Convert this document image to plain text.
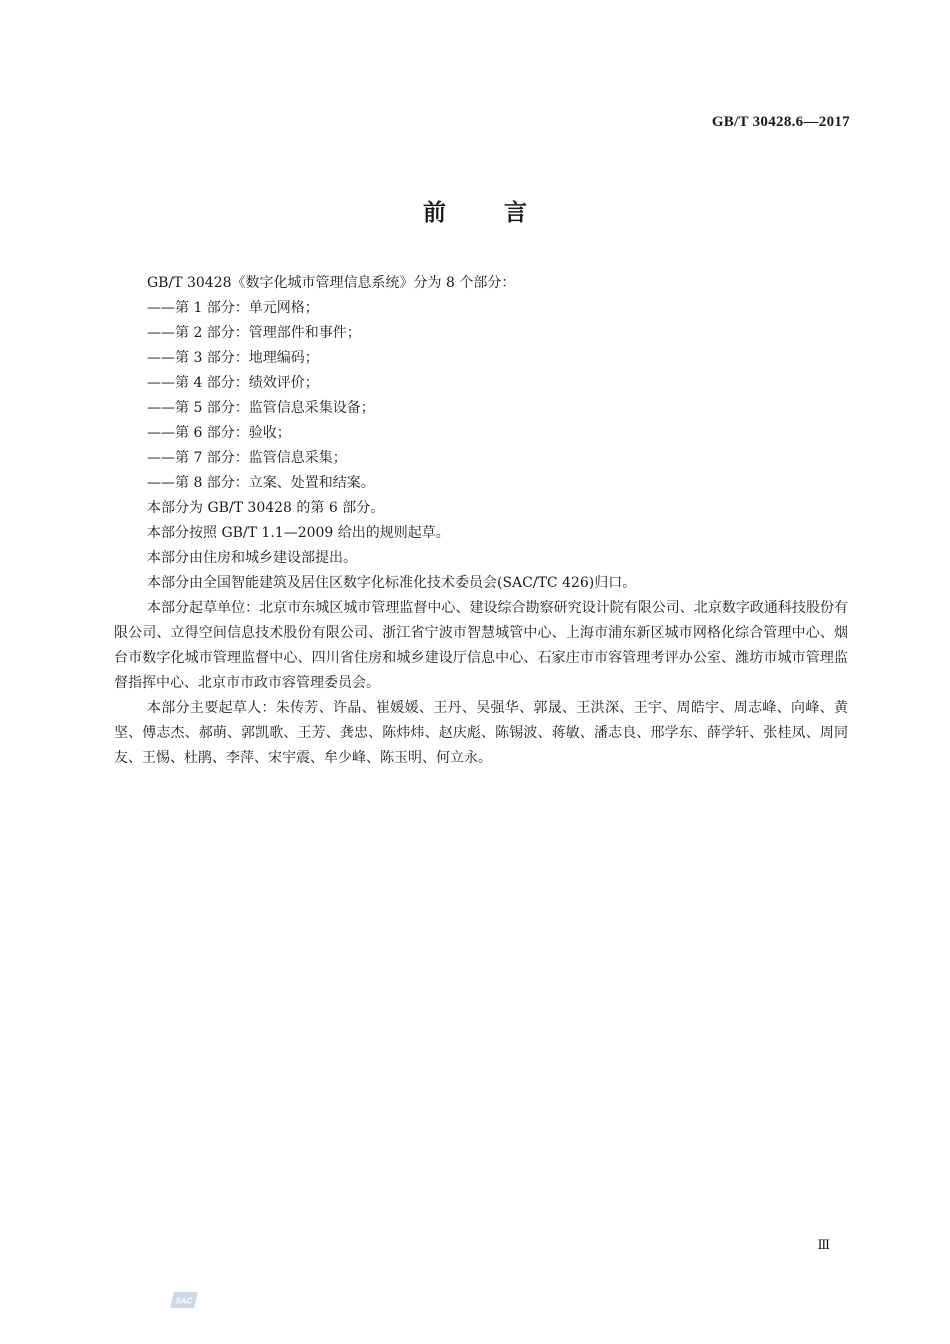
GB/T 30428.6—2017
前言

GB/T 30428《数字化城市管理信息系统》分为 8 个部分：

——第 1 部分：单元网格；

——第 2 部分：管理部件和事件；

——第 3 部分：地理编码；

——第 4 部分：绩效评价；

——第 5 部分：监管信息采集设备；

——第 6 部分：验收；

——第 7 部分：监管信息采集；

——第 8 部分：立案、处置和结案。

本部分为 GB/T 30428 的第 6 部分。

本部分按照 GB/T 1.1—2009 给出的规则起草。

本部分由住房和城乡建设部提出。

本部分由全国智能建筑及居住区数字化标准化技术委员会(SAC/TC 426)归口。

本部分起草单位：北京市东城区城市管理监督中心、建设综合勘察研究设计院有限公司、北京数字政通科技股份有限公司、立得空间信息技术股份有限公司、浙江省宁波市智慧城管中心、上海市浦东新区城市网格化综合管理中心、烟台市数字化城市管理监督中心、四川省住房和城乡建设厅信息中心、石家庄市市容管理考评办公室、潍坊市城市管理监督指挥中心、北京市市政市容管理委员会。

本部分主要起草人：朱传芳、许晶、崔媛媛、王丹、吴强华、郭晟、王洪深、王宇、周皓宇、周志峰、向峰、黄坚、傅志杰、郝萌、郭凯歌、王芳、龚忠、陈炜炜、赵庆彪、陈锡波、蒋敏、潘志良、邢学东、薛学轩、张桂凤、周同友、王惕、杜鹃、李萍、宋宇震、牟少峰、陈玉明、何立永。

Ⅲ
SAC
